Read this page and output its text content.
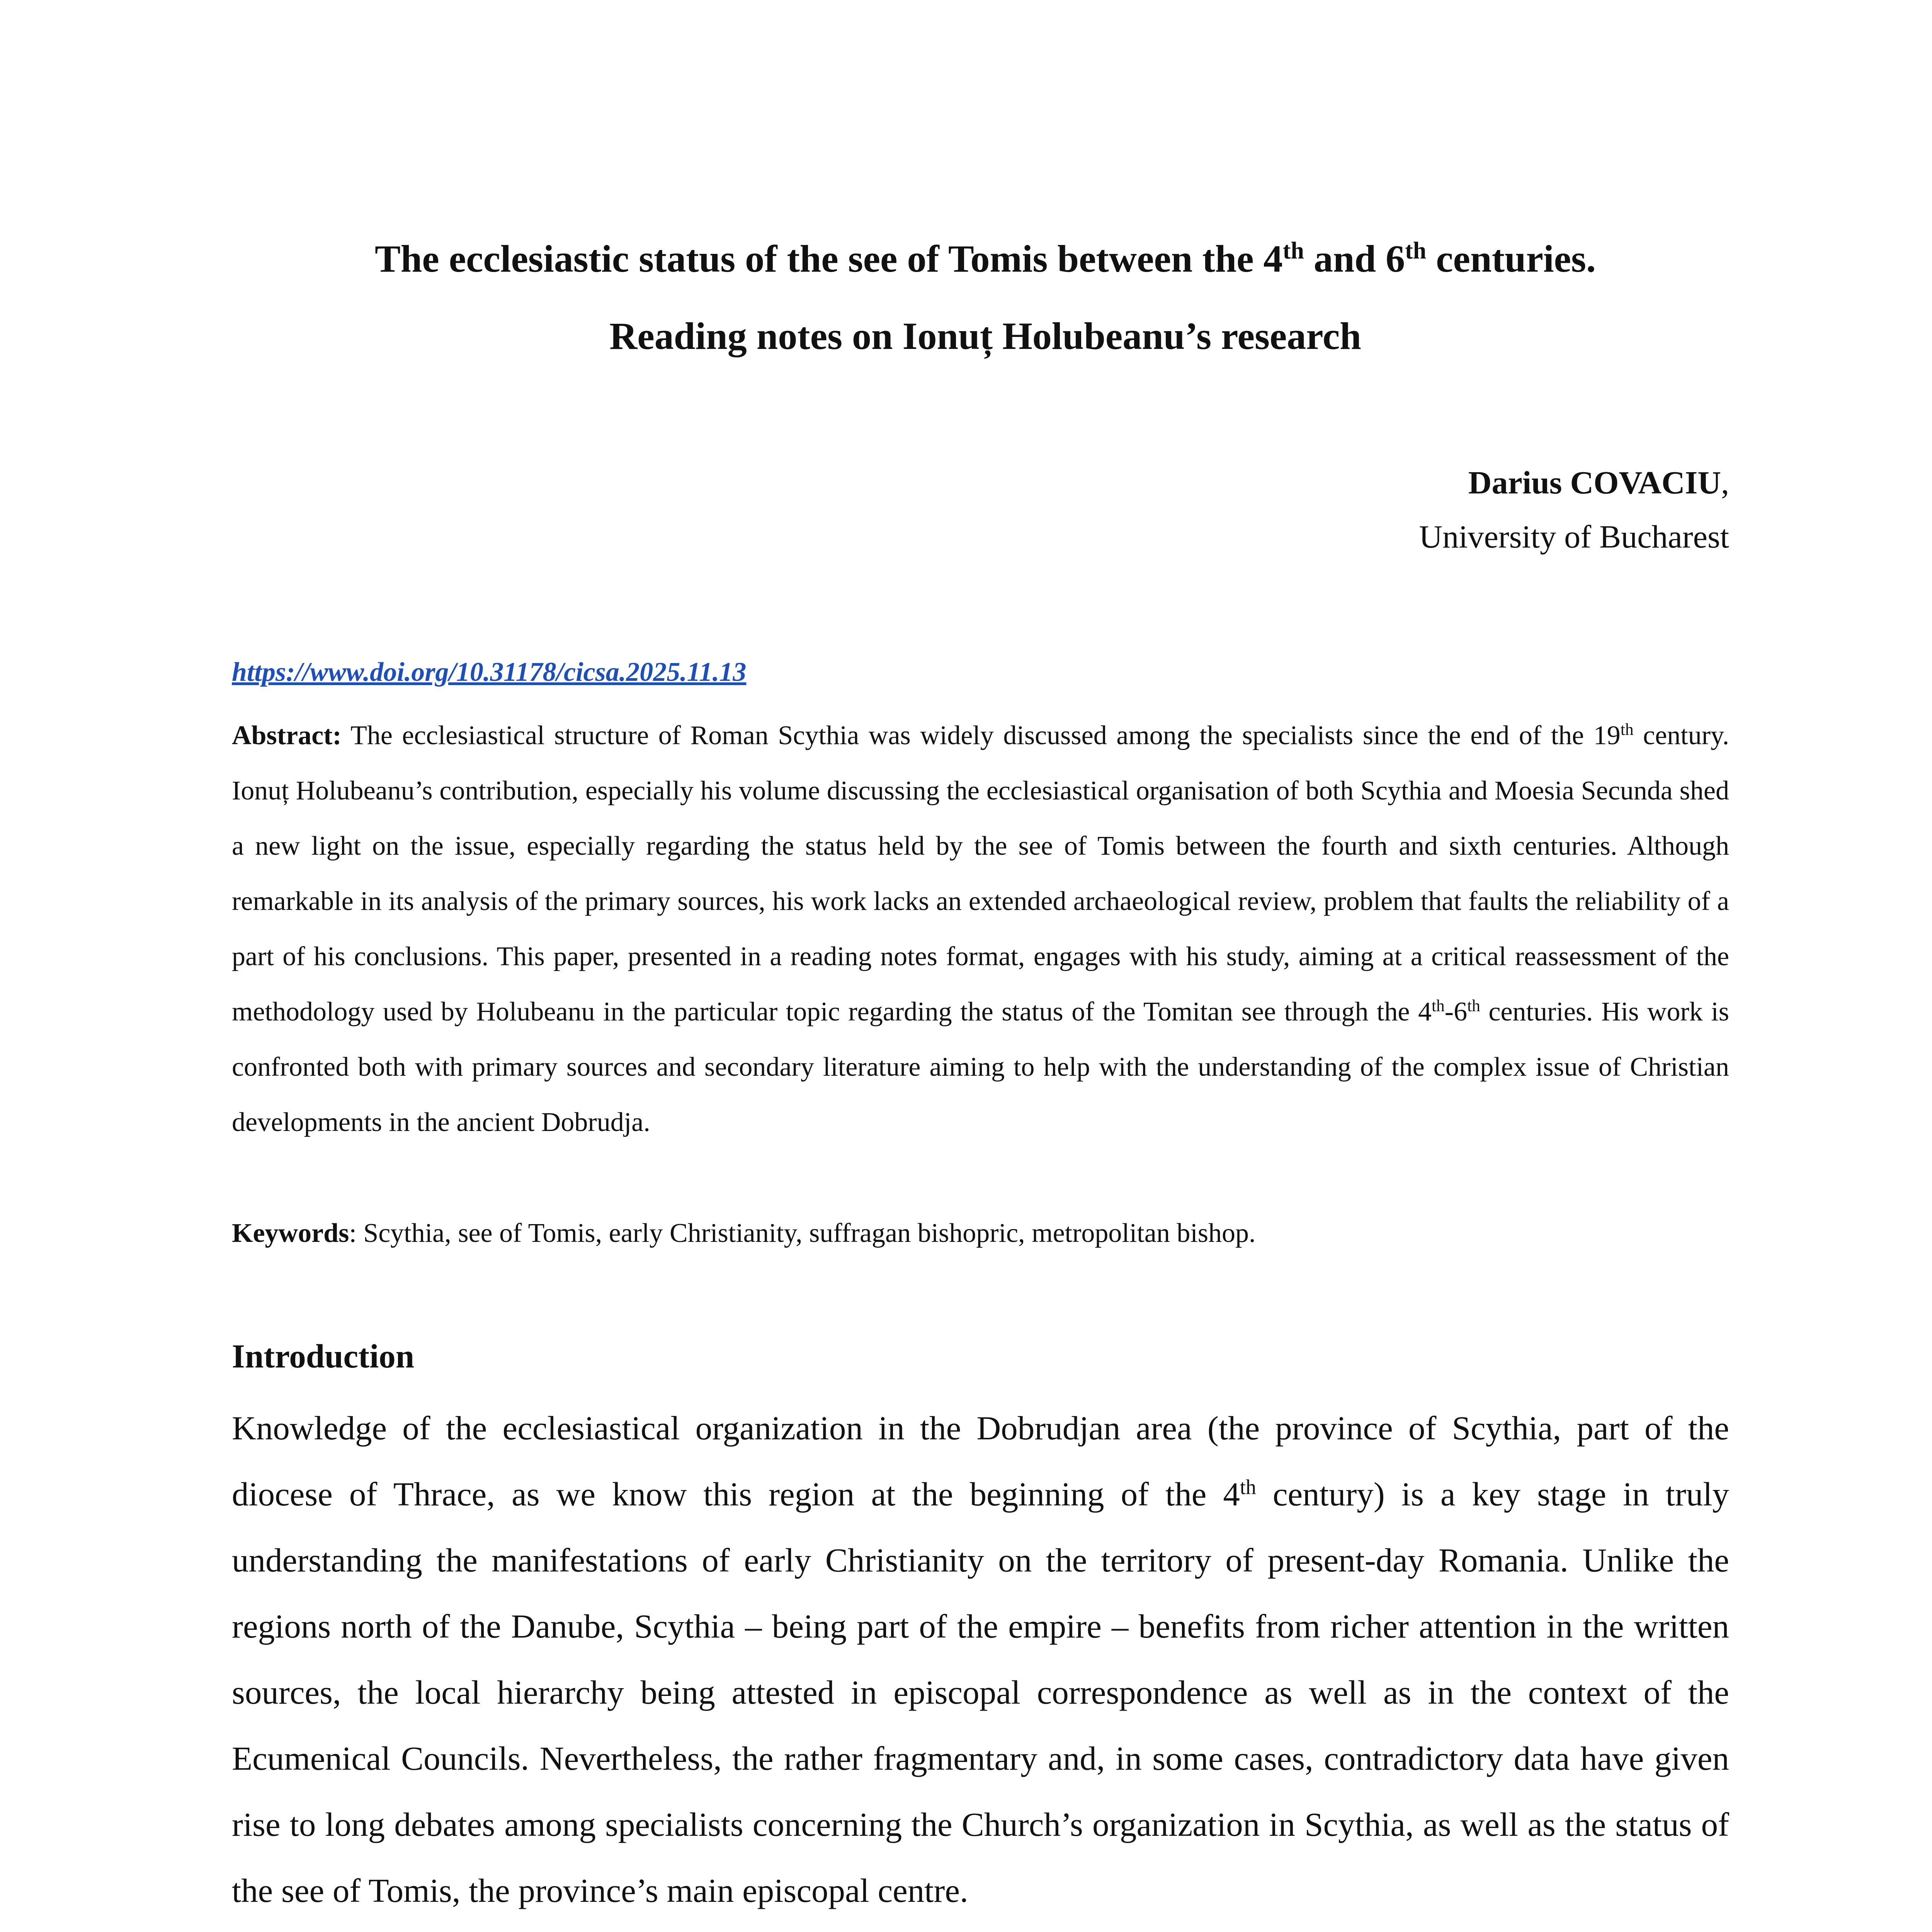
The ecclesiastic status of the see of Tomis between the 4th and 6th centuries.
Reading notes on Ionuț Holubeanu’s research
Darius COVACIU,
University of Bucharest
https://www.doi.org/10.31178/cicsa.2025.11.13
Abstract: The ecclesiastical structure of Roman Scythia was widely discussed among the specialists since the end of the 19th century. Ionuț Holubeanu’s contribution, especially his volume discussing the ecclesiastical organisation of both Scythia and Moesia Secunda shed a new light on the issue, especially regarding the status held by the see of Tomis between the fourth and sixth centuries. Although remarkable in its analysis of the primary sources, his work lacks an extended archaeological review, problem that faults the reliability of a part of his conclusions. This paper, presented in a reading notes format, engages with his study, aiming at a critical reassessment of the methodology used by Holubeanu in the particular topic regarding the status of the Tomitan see through the 4th-6th centuries. His work is confronted both with primary sources and secondary literature aiming to help with the understanding of the complex issue of Christian developments in the ancient Dobrudja.
Keywords: Scythia, see of Tomis, early Christianity, suffragan bishopric, metropolitan bishop.
Introduction

Knowledge of the ecclesiastical organization in the Dobrudjan area (the province of Scythia, part of the diocese of Thrace, as we know this region at the beginning of the 4th century) is a key stage in truly understanding the manifestations of early Christianity on the territory of present-day Romania. Unlike the regions north of the Danube, Scythia – being part of the empire – benefits from richer attention in the written sources, the local hierarchy being attested in episcopal correspondence as well as in the context of the Ecumenical Councils. Nevertheless, the rather fragmentary and, in some cases, contradictory data have given rise to long debates among specialists concerning the Church’s organization in Scythia, as well as the status of the see of Tomis, the province’s main episcopal centre.
